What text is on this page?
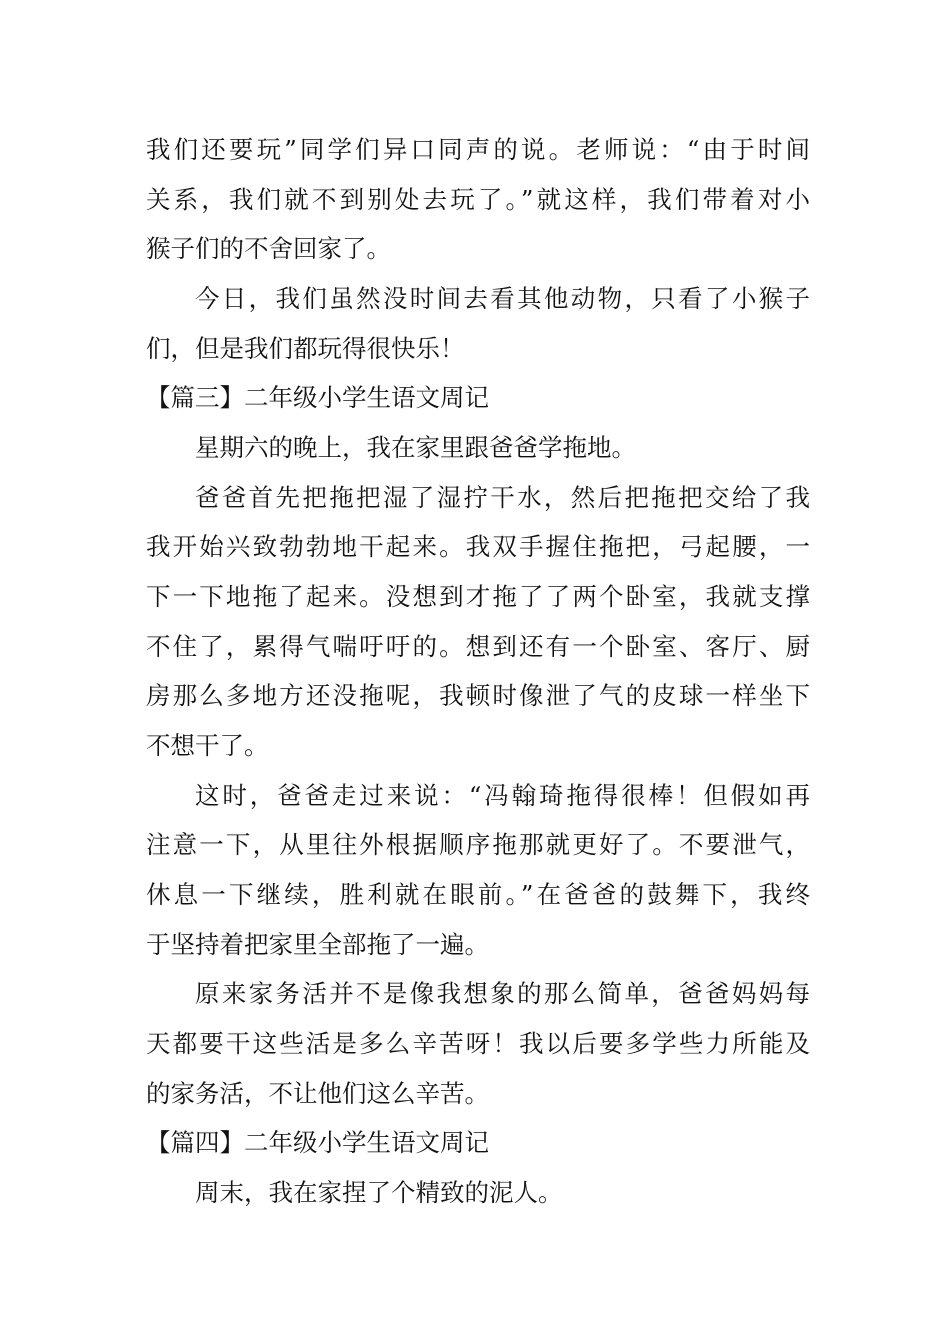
我们还要玩”同学们异口同声的说。老师说：“由于时间
关系，我们就不到别处去玩了。”就这样，我们带着对小
猴子们的不舍回家了。
今日，我们虽然没时间去看其他动物，只看了小猴子
们，但是我们都玩得很快乐！
【篇三】二年级小学生语文周记
星期六的晚上，我在家里跟爸爸学拖地。
爸爸首先把拖把湿了湿拧干水，然后把拖把交给了我
我开始兴致勃勃地干起来。我双手握住拖把，弓起腰，一
下一下地拖了起来。没想到才拖了了两个卧室，我就支撑
不住了，累得气喘吁吁的。想到还有一个卧室、客厅、厨
房那么多地方还没拖呢，我顿时像泄了气的皮球一样坐下
不想干了。
这时，爸爸走过来说：“冯翰琦拖得很棒！但假如再
注意一下，从里往外根据顺序拖那就更好了。不要泄气，
休息一下继续，胜利就在眼前。”在爸爸的鼓舞下，我终
于坚持着把家里全部拖了一遍。
原来家务活并不是像我想象的那么简单，爸爸妈妈每
天都要干这些活是多么辛苦呀！我以后要多学些力所能及
的家务活，不让他们这么辛苦。
【篇四】二年级小学生语文周记
周末，我在家捏了个精致的泥人。
